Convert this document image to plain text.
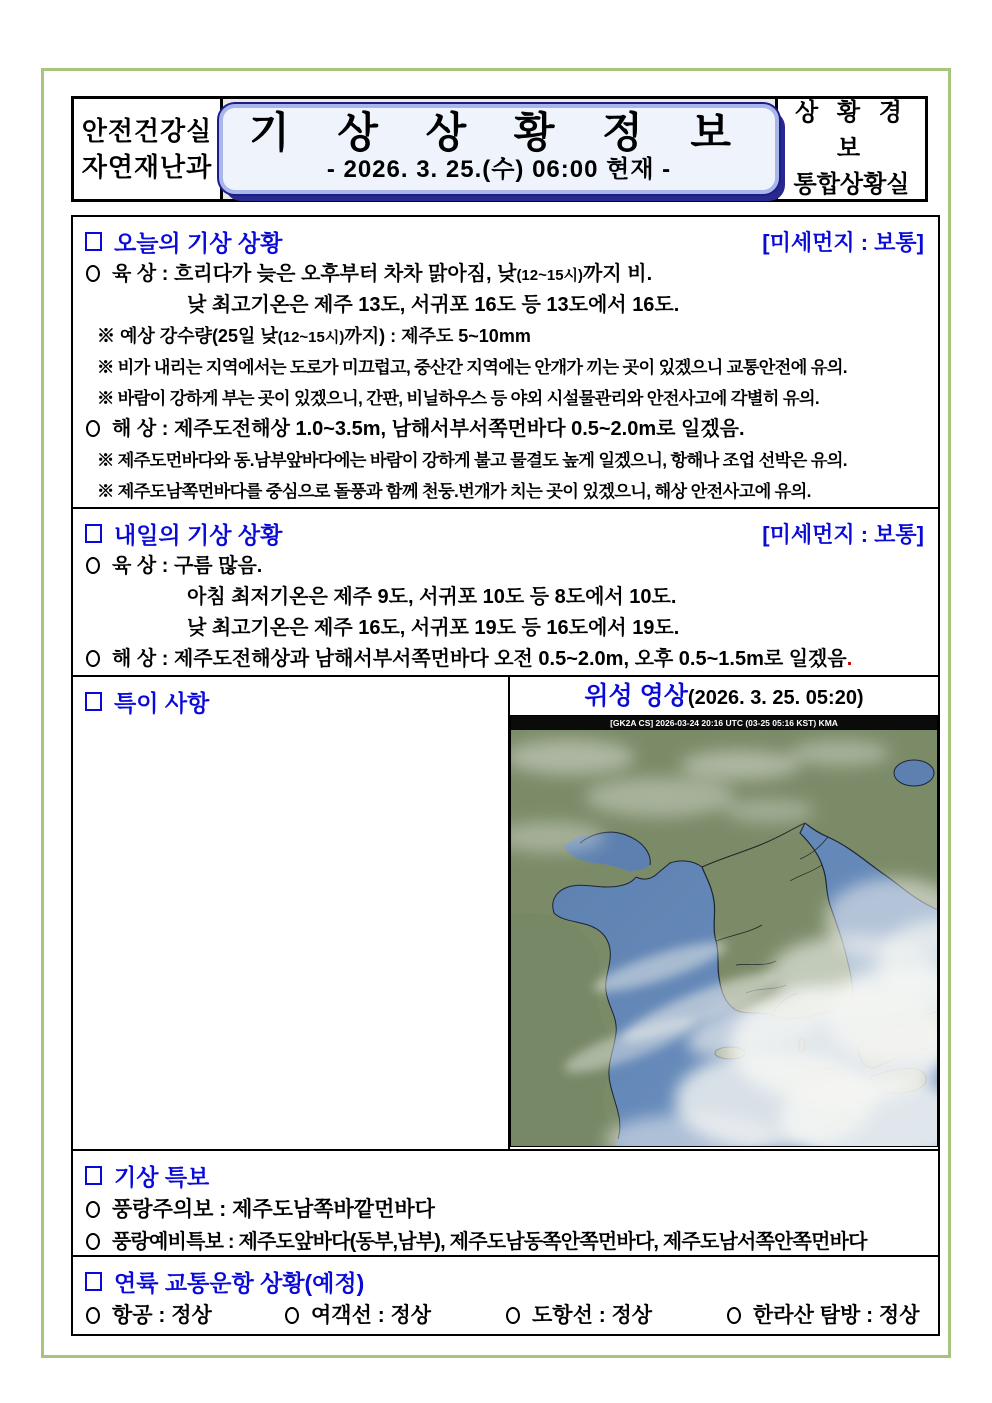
안전건강실
자연재난과
기 상 상 황 정 보
- 2026. 3. 25.(수) 06:00 현재 -
상 황 경 보
통합상황실
오늘의 기상 상황	[미세먼지 : 보통]
육 상 : 흐리다가 늦은 오후부터 차차 맑아짐, 낮(12~15시)까지 비.
낮 최고기온은 제주 13도, 서귀포 16도 등 13도에서 16도.
※ 예상 강수량(25일 낮(12~15시)까지) : 제주도 5~10mm
※ 비가 내리는 지역에서는 도로가 미끄럽고, 중산간 지역에는 안개가 끼는 곳이 있겠으니 교통안전에 유의.
※ 바람이 강하게 부는 곳이 있겠으니, 간판, 비닐하우스 등 야외 시설물관리와 안전사고에 각별히 유의.
해 상 : 제주도전해상 1.0~3.5m, 남해서부서쪽먼바다 0.5~2.0m로 일겠음.
※ 제주도먼바다와 동.남부앞바다에는 바람이 강하게 불고 물결도 높게 일겠으니, 항해나 조업 선박은 유의.
※ 제주도남쪽먼바다를 중심으로 돌풍과 함께 천둥.번개가 치는 곳이 있겠으니, 해상 안전사고에 유의.
내일의 기상 상황	[미세먼지 : 보통]
육 상 : 구름 많음.
아침 최저기온은 제주 9도, 서귀포 10도 등 8도에서 10도.
낮 최고기온은 제주 16도, 서귀포 19도 등 16도에서 19도.
해 상 : 제주도전해상과 남해서부서쪽먼바다 오전 0.5~2.0m, 오후 0.5~1.5m로 일겠음.
특이 사항	위성 영상(2026. 3. 25. 05:20)
[GK2A CS] 2026-03-24 20:16 UTC (03-25 05:16 KST) KMA
기상 특보
풍랑주의보 : 제주도남쪽바깥먼바다
풍랑예비특보 : 제주도앞바다(동부,남부), 제주도남동쪽안쪽먼바다, 제주도남서쪽안쪽먼바다
연륙 교통운항 상황(예정)
항공 : 정상	여객선 : 정상	도항선 : 정상	한라산 탐방 : 정상
